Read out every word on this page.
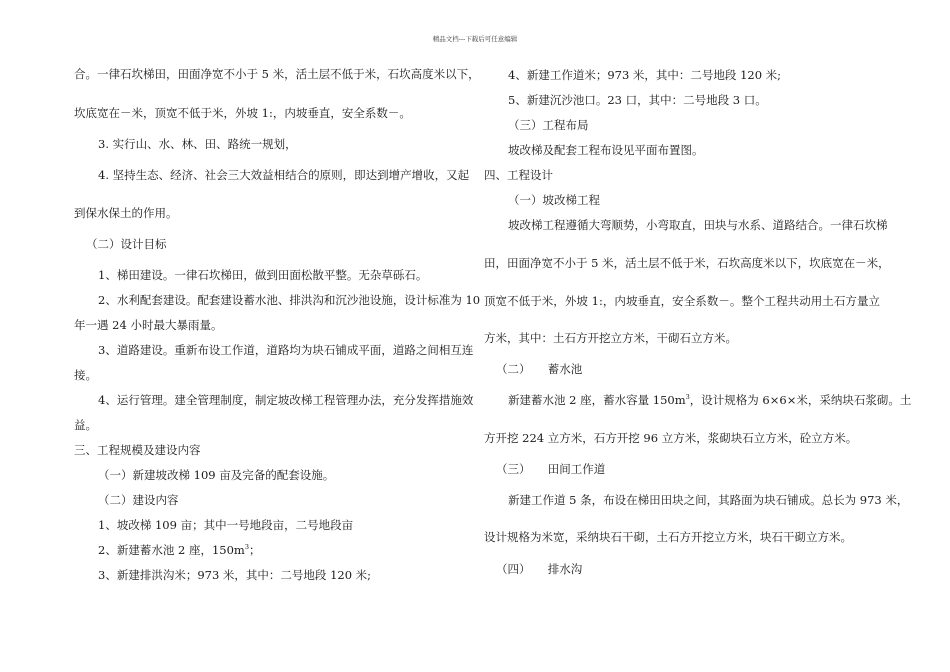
精品文档---下载后可任意编辑
合。一律石坎梯田，田面净宽不小于 5 米，活土层不低于米，石坎高度米以下，
坎底宽在－米，顶宽不低于米，外坡 1:，内坡垂直，安全系数－。
3. 实行山、水、林、田、路统一规划，
4. 坚持生态、经济、社会三大效益相结合的原则，即达到增产增收，又起
到保水保土的作用。
（二）设计目标
1、梯田建设。一律石坎梯田，做到田面松散平整。无杂草砾石。
2、水利配套建设。配套建设蓄水池、排洪沟和沉沙池设施，设计标准为 10
年一遇 24 小时最大暴雨量。
3、道路建设。重新布设工作道，道路均为块石铺成平面，道路之间相互连
接。
4、运行管理。建全管理制度，制定坡改梯工程管理办法，充分发挥措施效
益。
三、工程规模及建设内容
（一）新建坡改梯 109 亩及完备的配套设施。
（二）建设内容
1、坡改梯 109 亩；其中一号地段亩，二号地段亩
2、新建蓄水池 2 座，$150m^3$；
3、新建排洪沟米；973 米，其中：二号地段 120 米;
4、新建工作道米；973 米，其中：二号地段 120 米;
5、新建沉沙池口。23 口，其中：二号地段 3 口。
（三）工程布局
坡改梯及配套工程布设见平面布置图。
四、工程设计
（一）坡改梯工程
坡改梯工程遵循大弯顺势，小弯取直，田块与水系、道路结合。一律石坎梯
田，田面净宽不小于 5 米，活土层不低于米，石坎高度米以下，坎底宽在－米，
顶宽不低于米，外坡 1:，内坡垂直，安全系数－。整个工程共动用土石方量立
方米，其中：土石方开挖立方米，干砌石立方米。
（二）　　蓄水池
新建蓄水池 2 座，蓄水容量 $150m^3$，设计规格为 6×6×米，采纳块石浆砌。土
方开挖 224 立方米，石方开挖 96 立方米，浆砌块石立方米，砼立方米。
（三）　　田间工作道
新建工作道 5 条，布设在梯田田块之间，其路面为块石铺成。总长为 973 米，
设计规格为米宽，采纳块石干砌，土石方开挖立方米，块石干砌立方米。
（四）　　排水沟
